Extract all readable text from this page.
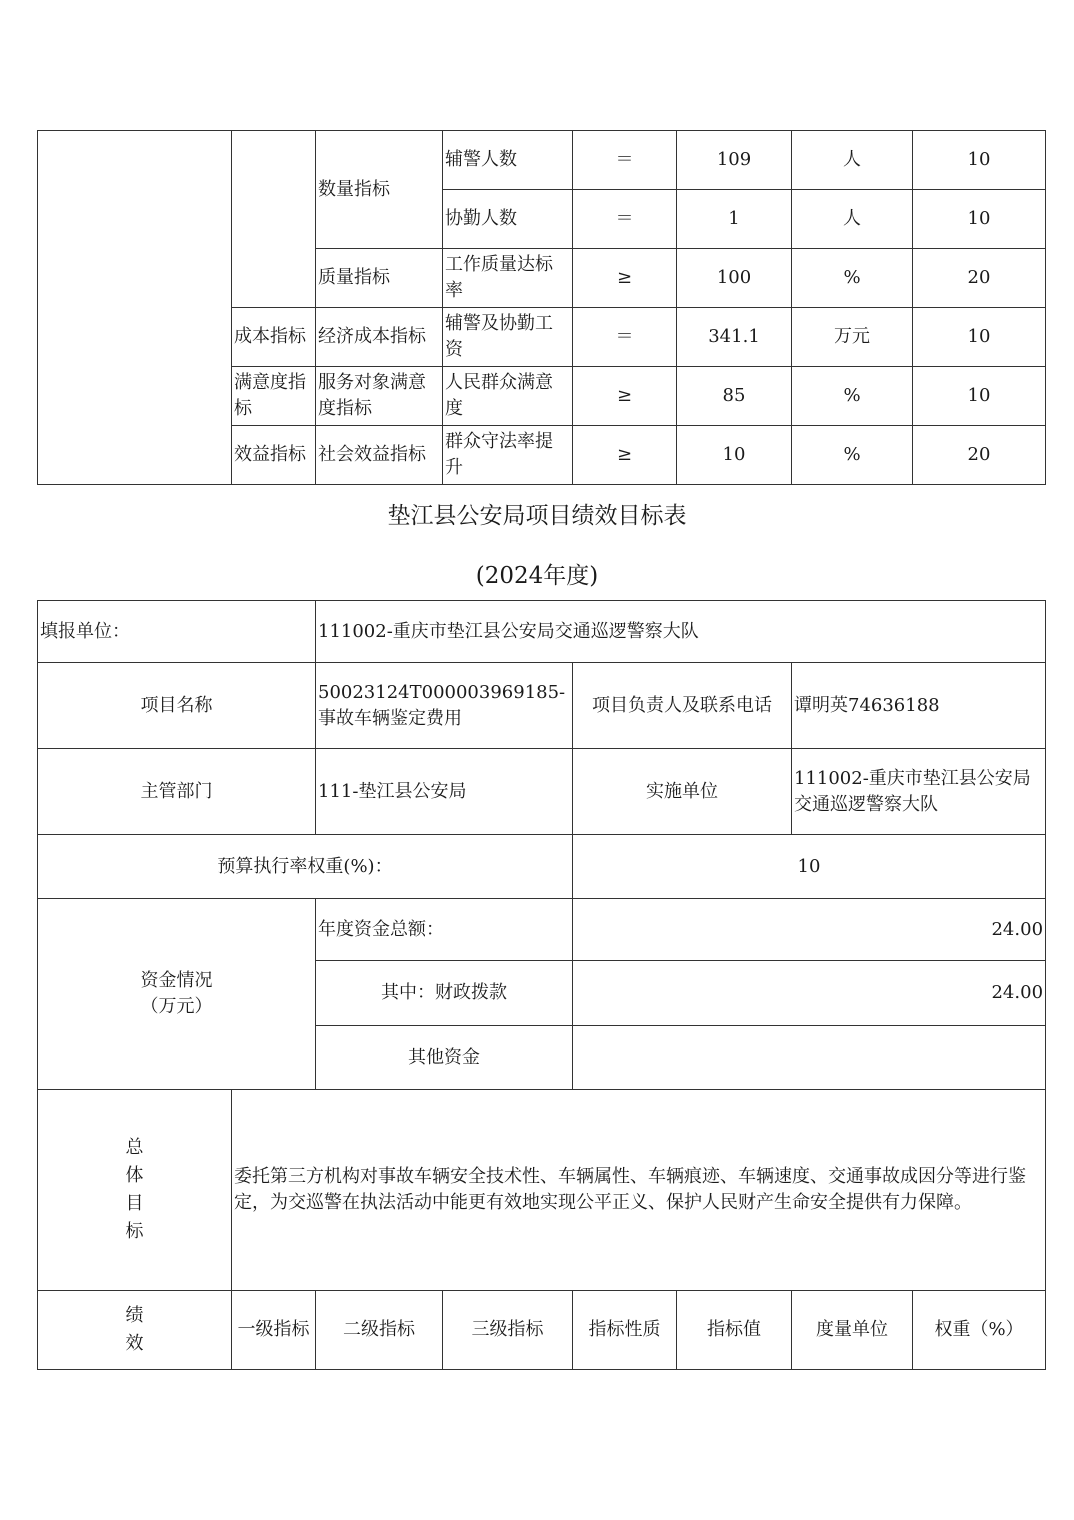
		数量指标	辅警人数	＝	109	人	10
			协勤人数	＝	1	人	10
		质量指标	工作质量达标率	≥	100	%	20
	成本指标	经济成本指标	辅警及协勤工资	＝	341.1	万元	10
	满意度指标	服务对象满意度指标	人民群众满意度	≥	85	%	10
	效益指标	社会效益指标	群众守法率提升	≥	10	%	20
垫江县公安局项目绩效目标表
(2024年度)
填报单位：		111002-重庆市垫江县公安局交通巡逻警察大队					
项目名称		50023124T000003969185-事故车辆鉴定费用		项目负责人及联系电话		谭明英74636188	
主管部门		111-垫江县公安局		实施单位		111002-重庆市垫江县公安局交通巡逻警察大队	
预算执行率权重(%)：				10			

资金情况
（万元）		年度资金总额：		24.00			
		其中：财政拨款		24.00			
		其他资金					

总体目标	委托第三方机构对事故车辆安全技术性、车辆属性、车辆痕迹、车辆速度、交通事故成因分等进行鉴定，为交巡警在执法活动中能更有效地实现公平正义、保护人民财产生命安全提供有力保障。						

绩效	一级指标	二级指标	三级指标	指标性质	指标值	度量单位	权重（%）
